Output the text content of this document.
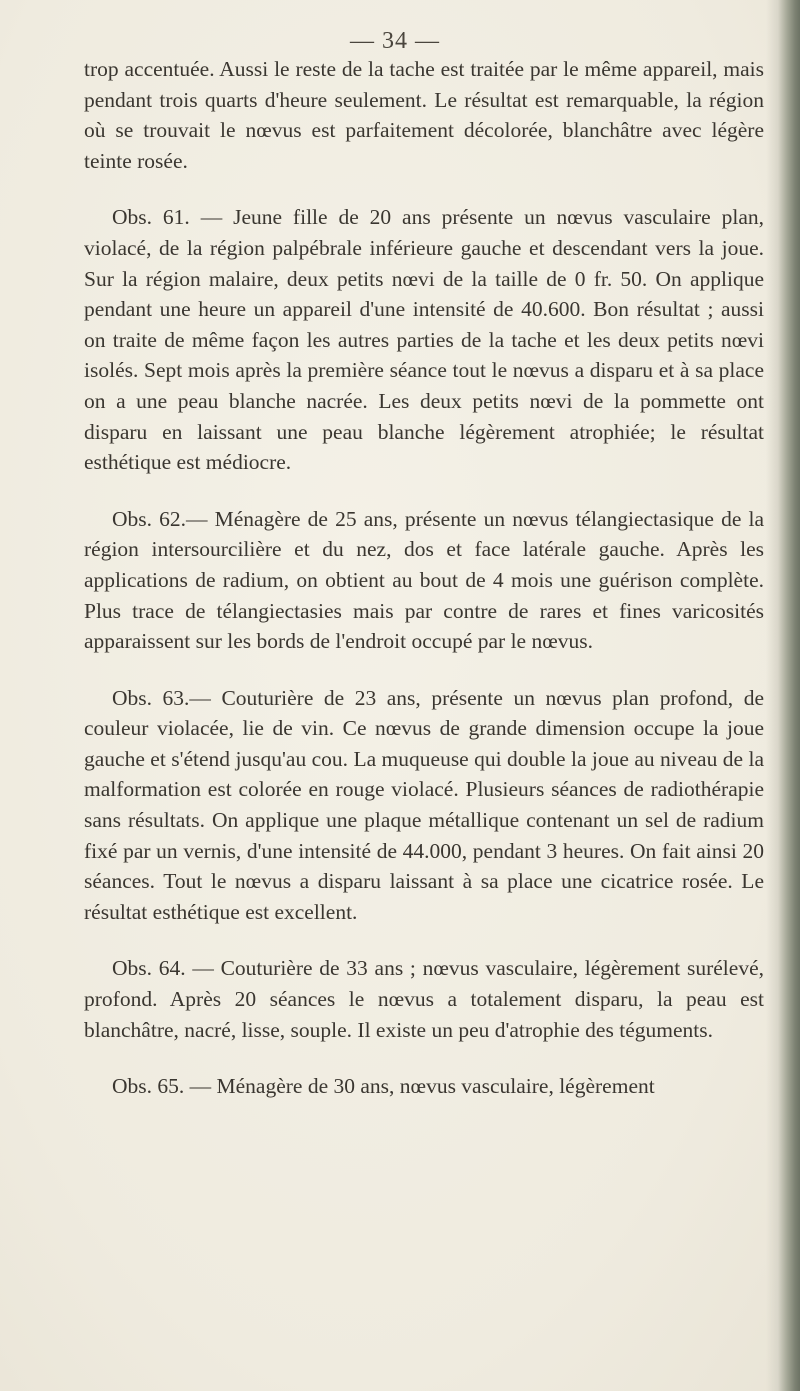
— 34 —

trop accentuée. Aussi le reste de la tache est traitée par le même appareil, mais pendant trois quarts d'heure seulement. Le résultat est remarquable, la région où se trouvait le nœvus est parfaitement décolorée, blanchâtre avec légère teinte rosée.

Obs. 61. — Jeune fille de 20 ans présente un nœvus vasculaire plan, violacé, de la région palpébrale inférieure gauche et descendant vers la joue. Sur la région malaire, deux petits nœvi de la taille de 0 fr. 50. On applique pendant une heure un appareil d'une intensité de 40.600. Bon résultat ; aussi on traite de même façon les autres parties de la tache et les deux petits nœvi isolés. Sept mois après la première séance tout le nœvus a disparu et à sa place on a une peau blanche nacrée. Les deux petits nœvi de la pommette ont disparu en laissant une peau blanche légèrement atrophiée; le résultat esthétique est médiocre.

Obs. 62.— Ménagère de 25 ans, présente un nœvus télangiectasique de la région intersourcilière et du nez, dos et face latérale gauche. Après les applications de radium, on obtient au bout de 4 mois une guérison complète. Plus trace de télangiectasies mais par contre de rares et fines varicosités apparaissent sur les bords de l'endroit occupé par le nœvus.

Obs. 63.— Couturière de 23 ans, présente un nœvus plan profond, de couleur violacée, lie de vin. Ce nœvus de grande dimension occupe la joue gauche et s'étend jusqu'au cou. La muqueuse qui double la joue au niveau de la malformation est colorée en rouge violacé. Plusieurs séances de radiothérapie sans résultats. On applique une plaque métallique contenant un sel de radium fixé par un vernis, d'une intensité de 44.000, pendant 3 heures. On fait ainsi 20 séances. Tout le nœvus a disparu laissant à sa place une cicatrice rosée. Le résultat esthétique est excellent.

Obs. 64. — Couturière de 33 ans ; nœvus vasculaire, légèrement surélevé, profond. Après 20 séances le nœvus a totalement disparu, la peau est blanchâtre, nacré, lisse, souple. Il existe un peu d'atrophie des téguments.

Obs. 65. — Ménagère de 30 ans, nœvus vasculaire, légèrement
